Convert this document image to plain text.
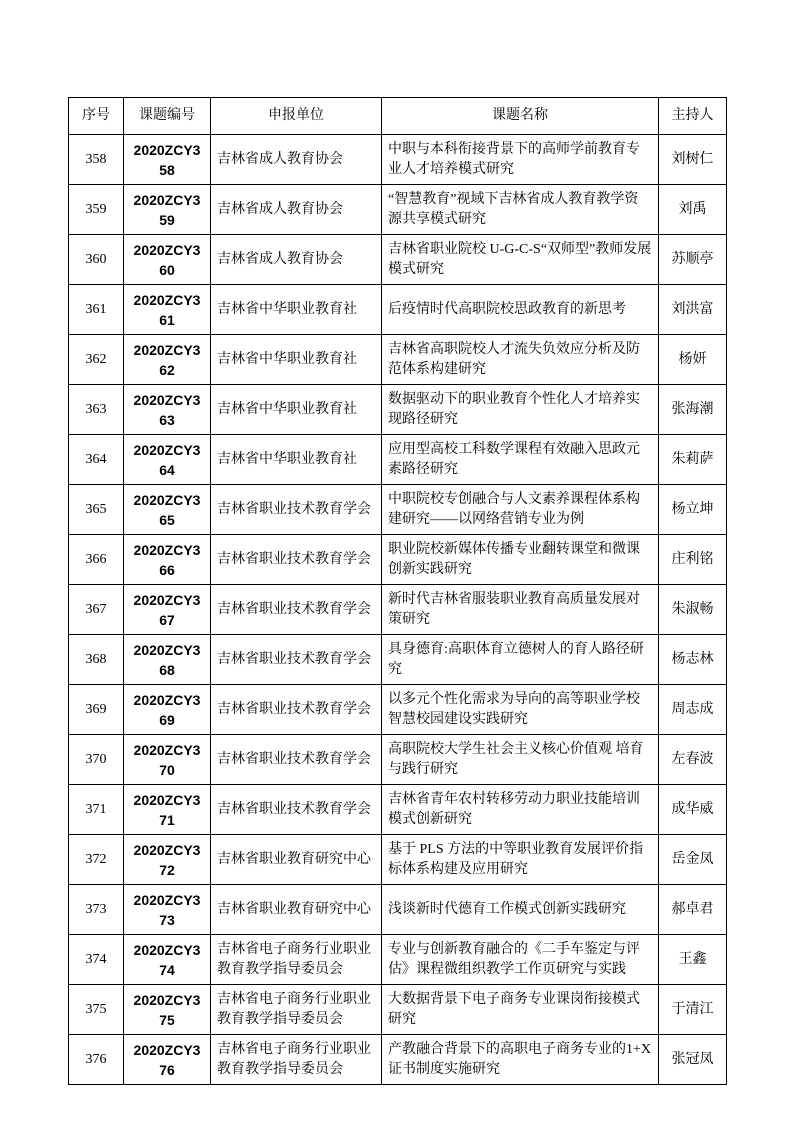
序号	课题编号	申报单位	课题名称	主持人
358	2020ZCY358	吉林省成人教育协会	中职与本科衔接背景下的高师学前教育专业人才培养模式研究	刘树仁
359	2020ZCY359	吉林省成人教育协会	“智慧教育”视域下吉林省成人教育教学资源共享模式研究	刘禹
360	2020ZCY360	吉林省成人教育协会	吉林省职业院校 U-G-C-S“双师型”教师发展模式研究	苏顺亭
361	2020ZCY361	吉林省中华职业教育社	后疫情时代高职院校思政教育的新思考	刘洪富
362	2020ZCY362	吉林省中华职业教育社	吉林省高职院校人才流失负效应分析及防范体系构建研究	杨妍
363	2020ZCY363	吉林省中华职业教育社	数据驱动下的职业教育个性化人才培养实现路径研究	张海潮
364	2020ZCY364	吉林省中华职业教育社	应用型高校工科数学课程有效融入思政元素路径研究	朱莉萨
365	2020ZCY365	吉林省职业技术教育学会	中职院校专创融合与人文素养课程体系构建研究——以网络营销专业为例	杨立坤
366	2020ZCY366	吉林省职业技术教育学会	职业院校新媒体传播专业翻转课堂和微课创新实践研究	庄利铭
367	2020ZCY367	吉林省职业技术教育学会	新时代吉林省服装职业教育高质量发展对策研究	朱淑畅
368	2020ZCY368	吉林省职业技术教育学会	具身德育:高职体育立德树人的育人路径研究	杨志林
369	2020ZCY369	吉林省职业技术教育学会	以多元个性化需求为导向的高等职业学校智慧校园建设实践研究	周志成
370	2020ZCY370	吉林省职业技术教育学会	高职院校大学生社会主义核心价值观 培育与践行研究	左春波
371	2020ZCY371	吉林省职业技术教育学会	吉林省青年农村转移劳动力职业技能培训模式创新研究	成华威
372	2020ZCY372	吉林省职业教育研究中心	基于 PLS 方法的中等职业教育发展评价指标体系构建及应用研究	岳金凤
373	2020ZCY373	吉林省职业教育研究中心	浅谈新时代德育工作模式创新实践研究	郝卓君
374	2020ZCY374	吉林省电子商务行业职业教育教学指导委员会	专业与创新教育融合的《二手车鉴定与评估》课程微组织教学工作页研究与实践	王鑫
375	2020ZCY375	吉林省电子商务行业职业教育教学指导委员会	大数据背景下电子商务专业课岗衔接模式研究	于清江
376	2020ZCY376	吉林省电子商务行业职业教育教学指导委员会	产教融合背景下的高职电子商务专业的1+X 证书制度实施研究	张冠凤
